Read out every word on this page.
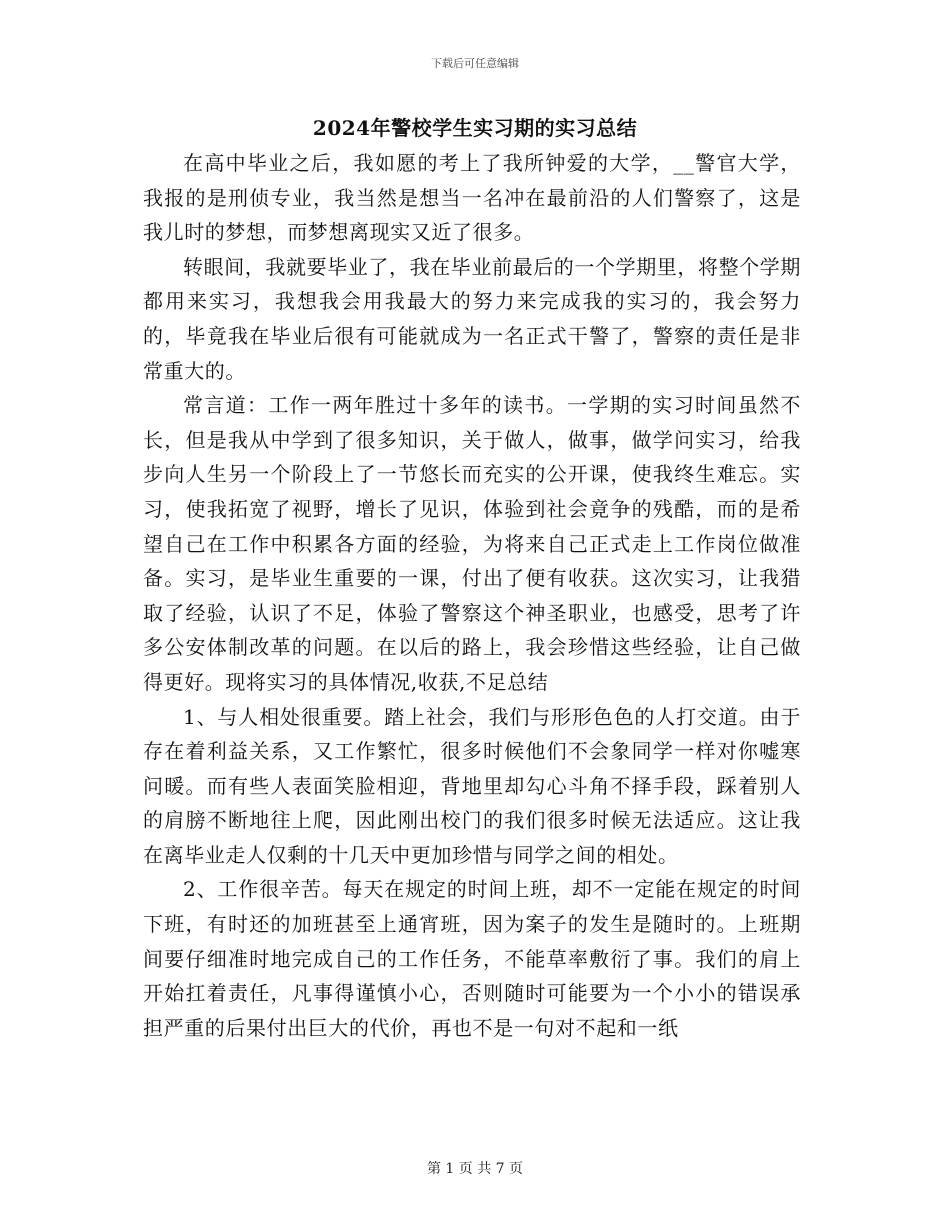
下载后可任意编辑
2024年警校学生实习期的实习总结

在高中毕业之后，我如愿的考上了我所钟爱的大学，__警官大学，我报的是刑侦专业，我当然是想当一名冲在最前沿的人们警察了，这是我儿时的梦想，而梦想离现实又近了很多。

转眼间，我就要毕业了，我在毕业前最后的一个学期里，将整个学期都用来实习，我想我会用我最大的努力来完成我的实习的，我会努力的，毕竟我在毕业后很有可能就成为一名正式干警了，警察的责任是非常重大的。

常言道：工作一两年胜过十多年的读书。一学期的实习时间虽然不长，但是我从中学到了很多知识，关于做人，做事，做学问实习，给我步向人生另一个阶段上了一节悠长而充实的公开课，使我终生难忘。实习，使我拓宽了视野，增长了见识，体验到社会竟争的残酷，而的是希望自己在工作中积累各方面的经验，为将来自己正式走上工作岗位做准备。实习，是毕业生重要的一课，付出了便有收获。这次实习，让我猎取了经验，认识了不足，体验了警察这个神圣职业，也感受，思考了许多公安体制改革的问题。在以后的路上，我会珍惜这些经验，让自己做得更好。现将实习的具体情况,收获,不足总结

1、与人相处很重要。踏上社会，我们与形形色色的人打交道。由于存在着利益关系，又工作繁忙，很多时候他们不会象同学一样对你嘘寒问暖。而有些人表面笑脸相迎，背地里却勾心斗角不择手段，踩着别人的肩膀不断地往上爬，因此刚出校门的我们很多时候无法适应。这让我在离毕业走人仅剩的十几天中更加珍惜与同学之间的相处。

2、工作很辛苦。每天在规定的时间上班，却不一定能在规定的时间下班，有时还的加班甚至上通宵班，因为案子的发生是随时的。上班期间要仔细准时地完成自己的工作任务，不能草率敷衍了事。我们的肩上开始扛着责任，凡事得谨慎小心，否则随时可能要为一个小小的错误承担严重的后果付出巨大的代价，再也不是一句对不起和一纸

第 1 页 共 7 页
